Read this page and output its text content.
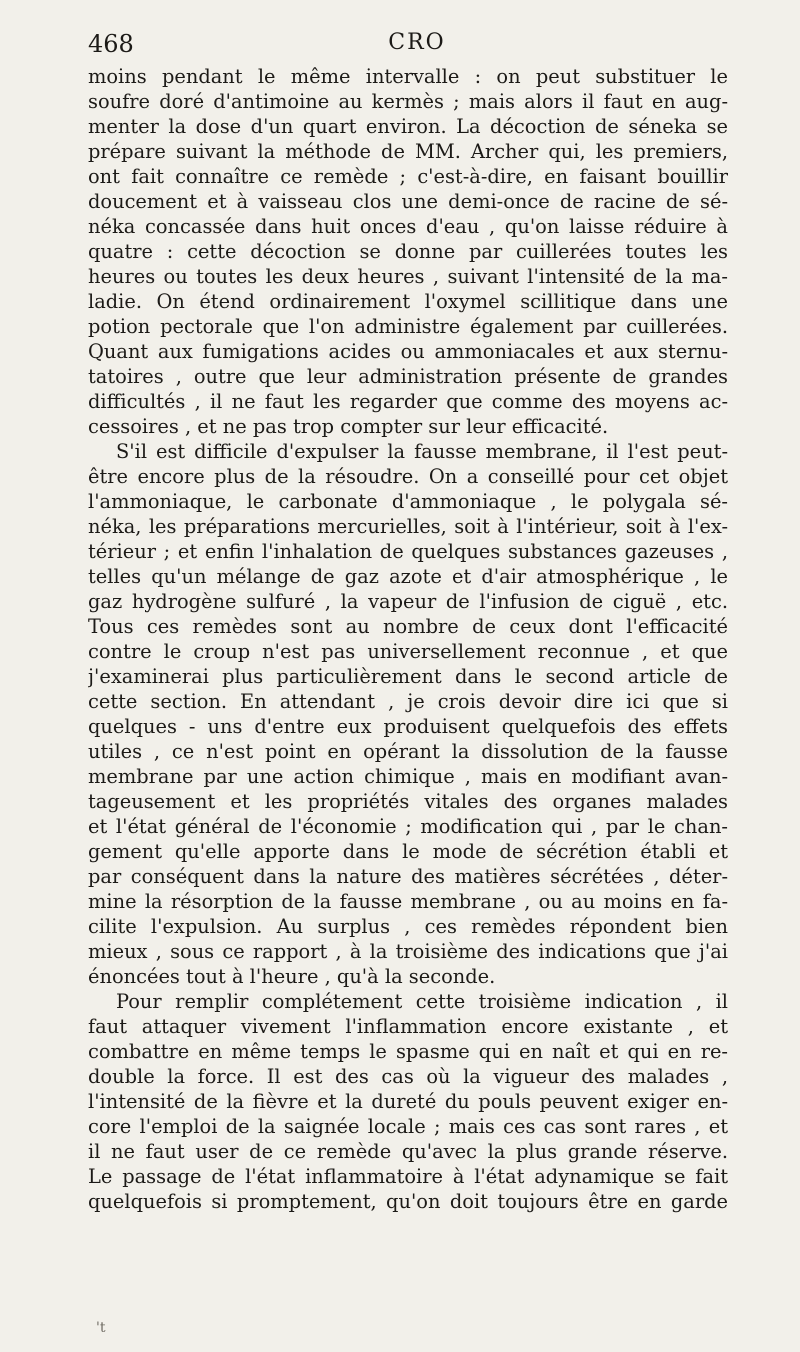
468	CRO
moins pendant le même intervalle : on peut substituer le
soufre doré d'antimoine au kermès ; mais alors il faut en aug-
menter la dose d'un quart environ. La décoction de séneka se
prépare suivant la méthode de MM. Archer qui, les premiers,
ont fait connaître ce remède ; c'est-à-dire, en faisant bouillir
doucement et à vaisseau clos une demi-once de racine de sé-
néka concassée dans huit onces d'eau , qu'on laisse réduire à
quatre : cette décoction se donne par cuillerées toutes les
heures ou toutes les deux heures , suivant l'intensité de la ma-
ladie. On étend ordinairement l'oxymel scillitique dans une
potion pectorale que l'on administre également par cuillerées.
Quant aux fumigations acides ou ammoniacales et aux sternu-
tatoires , outre que leur administration présente de grandes
difficultés , il ne faut les regarder que comme des moyens ac-
cessoires , et ne pas trop compter sur leur efficacité.
S'il est difficile d'expulser la fausse membrane, il l'est peut-
être encore plus de la résoudre. On a conseillé pour cet objet
l'ammoniaque, le carbonate d'ammoniaque , le polygala sé-
néka, les préparations mercurielles, soit à l'intérieur, soit à l'ex-
térieur ; et enfin l'inhalation de quelques substances gazeuses ,
telles qu'un mélange de gaz azote et d'air atmosphérique , le
gaz hydrogène sulfuré , la vapeur de l'infusion de ciguë , etc.
Tous ces remèdes sont au nombre de ceux dont l'efficacité
contre le croup n'est pas universellement reconnue , et que
j'examinerai plus particulièrement dans le second article de
cette section. En attendant , je crois devoir dire ici que si
quelques - uns d'entre eux produisent quelquefois des effets
utiles , ce n'est point en opérant la dissolution de la fausse
membrane par une action chimique , mais en modifiant avan-
tageusement et les propriétés vitales des organes malades
et l'état général de l'économie ; modification qui , par le chan-
gement qu'elle apporte dans le mode de sécrétion établi et
par conséquent dans la nature des matières sécrétées , déter-
mine la résorption de la fausse membrane , ou au moins en fa-
cilite l'expulsion. Au surplus , ces remèdes répondent bien
mieux , sous ce rapport , à la troisième des indications que j'ai
énoncées tout à l'heure , qu'à la seconde.
Pour remplir complétement cette troisième indication , il
faut attaquer vivement l'inflammation encore existante , et
combattre en même temps le spasme qui en naît et qui en re-
double la force. Il est des cas où la vigueur des malades ,
l'intensité de la fièvre et la dureté du pouls peuvent exiger en-
core l'emploi de la saignée locale ; mais ces cas sont rares , et
il ne faut user de ce remède qu'avec la plus grande réserve.
Le passage de l'état inflammatoire à l'état adynamique se fait
quelquefois si promptement, qu'on doit toujours être en garde
't
